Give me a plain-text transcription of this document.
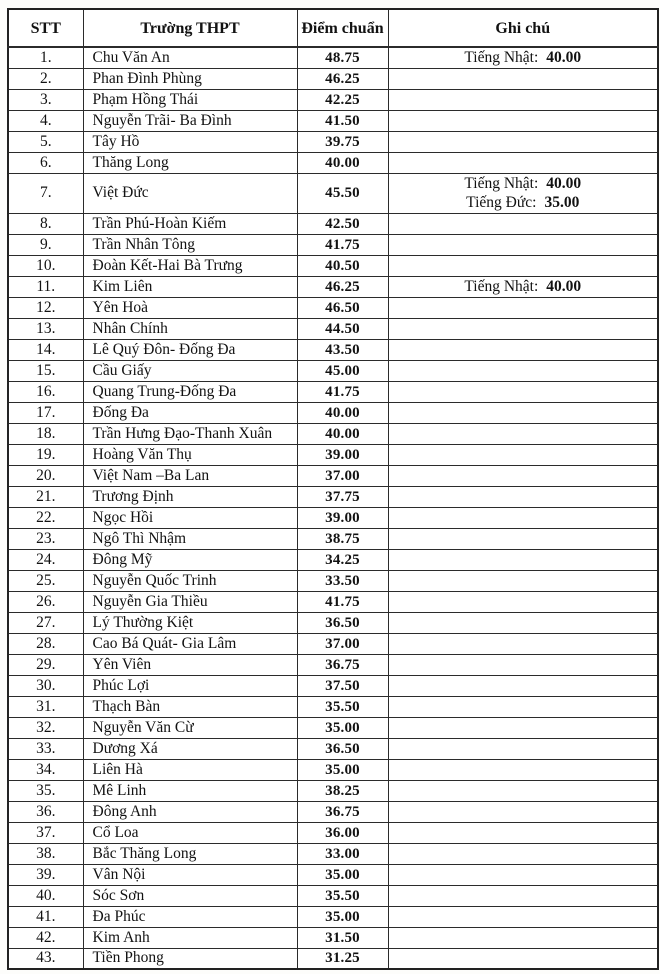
STT	Trường THPT	Điểm chuẩn	Ghi chú
1.	Chu Văn An	48.75	Tiếng Nhật: 40.00

2.	Phan Đình Phùng	46.25	
3.	Phạm Hồng Thái	42.25	
4.	Nguyễn Trãi- Ba Đình	41.50	
5.	Tây Hồ	39.75	
6.	Thăng Long	40.00	
7.	Việt Đức	45.50	Tiếng Nhật: 40.00
Tiếng Đức: 35.00

8.	Trần Phú-Hoàn Kiếm	42.50	
9.	Trần Nhân Tông	41.75	
10.	Đoàn Kết-Hai Bà Trưng	40.50	
11.	Kim Liên	46.25	Tiếng Nhật: 40.00

12.	Yên Hoà	46.50	
13.	Nhân Chính	44.50	
14.	Lê Quý Đôn- Đống Đa	43.50	
15.	Cầu Giấy	45.00	
16.	Quang Trung-Đống Đa	41.75	
17.	Đống Đa	40.00	
18.	Trần Hưng Đạo-Thanh Xuân	40.00	
19.	Hoàng Văn Thụ	39.00	
20.	Việt Nam –Ba Lan	37.00	
21.	Trương Định	37.75	
22.	Ngọc Hồi	39.00	
23.	Ngô Thì Nhậm	38.75	
24.	Đông Mỹ	34.25	
25.	Nguyễn Quốc Trinh	33.50	
26.	Nguyễn Gia Thiều	41.75	
27.	Lý Thường Kiệt	36.50	
28.	Cao Bá Quát- Gia Lâm	37.00	
29.	Yên Viên	36.75	
30.	Phúc Lợi	37.50	
31.	Thạch Bàn	35.50	
32.	Nguyễn Văn Cừ	35.00	
33.	Dương Xá	36.50	
34.	Liên Hà	35.00	
35.	Mê Linh	38.25	
36.	Đông Anh	36.75	
37.	Cổ Loa	36.00	
38.	Bắc Thăng Long	33.00	
39.	Vân Nội	35.00	
40.	Sóc Sơn	35.50	
41.	Đa Phúc	35.00	
42.	Kim Anh	31.50	
43.	Tiền Phong	31.25	
